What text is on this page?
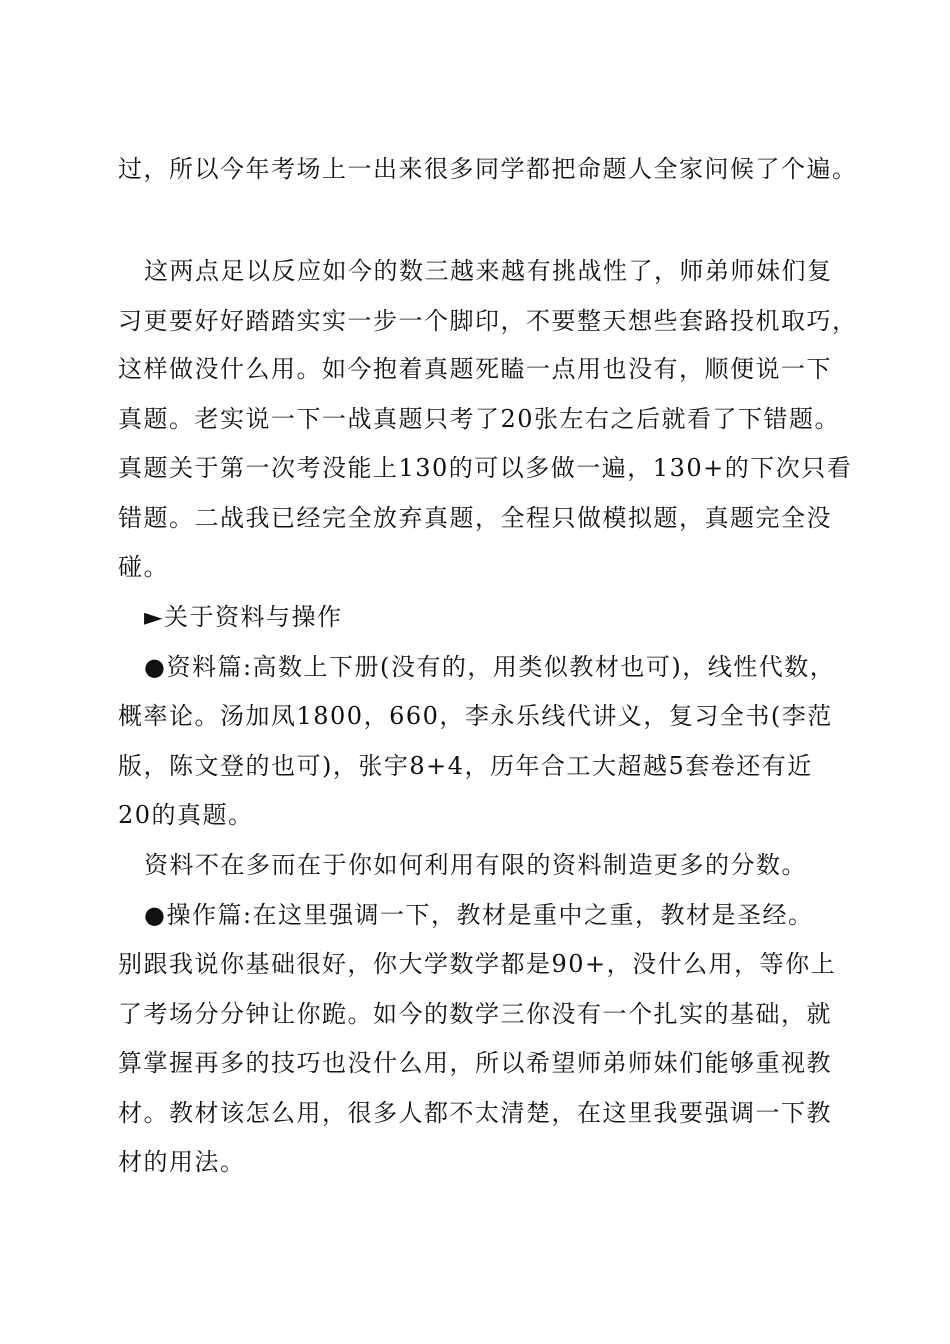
过，所以今年考场上一出来很多同学都把命题人全家问候了个遍。
这两点足以反应如今的数三越来越有挑战性了，师弟师妹们复
习更要好好踏踏实实一步一个脚印，不要整天想些套路投机取巧，
这样做没什么用。如今抱着真题死瞌一点用也没有，顺便说一下
真题。老实说一下一战真题只考了20张左右之后就看了下错题。
真题关于第一次考没能上130的可以多做一遍，130+的下次只看
错题。二战我已经完全放弃真题，全程只做模拟题，真题完全没
碰。
►关于资料与操作
●资料篇:高数上下册(没有的，用类似教材也可)，线性代数，
概率论。汤加凤1800，660，李永乐线代讲义，复习全书(李范
版，陈文登的也可)，张宇8+4，历年合工大超越5套卷还有近
20的真题。
资料不在多而在于你如何利用有限的资料制造更多的分数。
●操作篇:在这里强调一下，教材是重中之重，教材是圣经。
别跟我说你基础很好，你大学数学都是90+，没什么用，等你上
了考场分分钟让你跪。如今的数学三你没有一个扎实的基础，就
算掌握再多的技巧也没什么用，所以希望师弟师妹们能够重视教
材。教材该怎么用，很多人都不太清楚，在这里我要强调一下教
材的用法。
